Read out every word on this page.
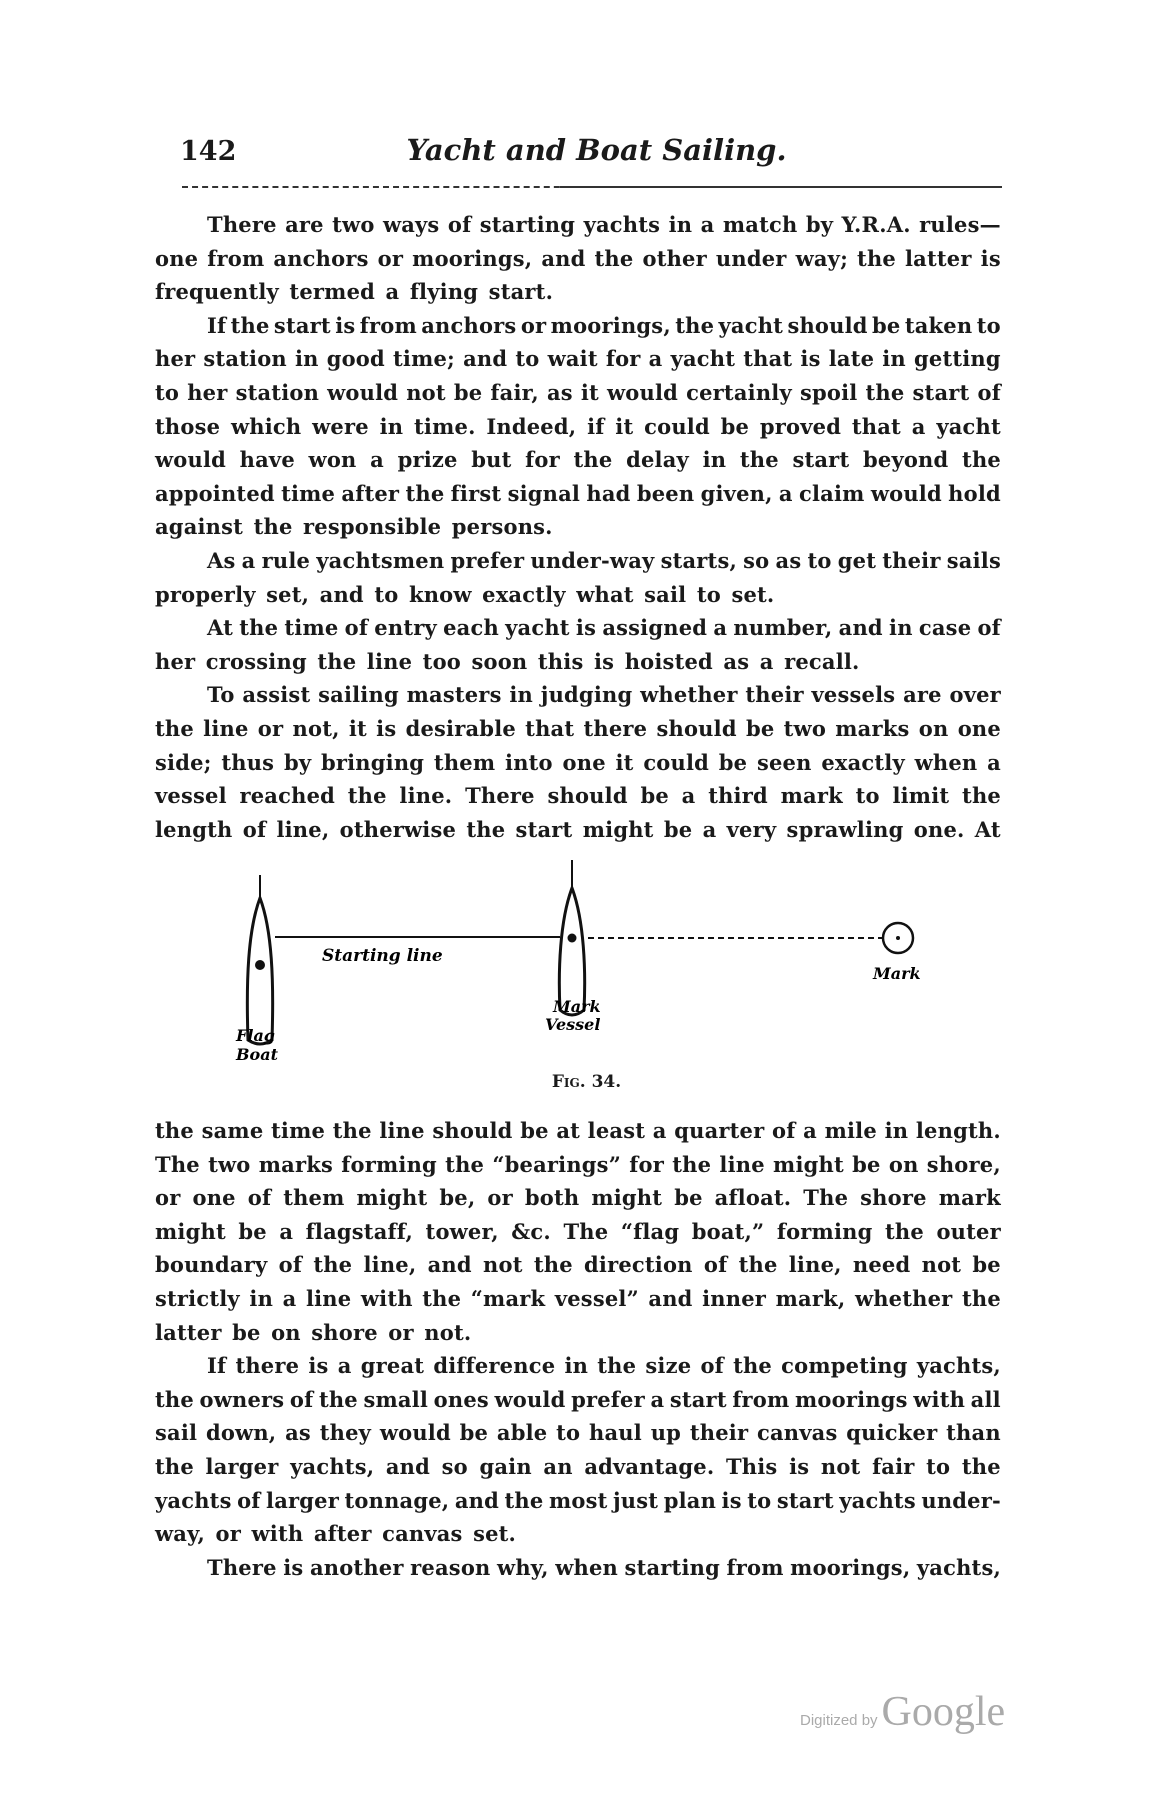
142	Yacht and Boat Sailing.
Starting line
Flag
Boat
Mark
Vessel
Mark
Fig. 34.
Digitized by Google
There are two ways of starting yachts in a match by Y.R.A. rules—
one from anchors or moorings, and the other under way; the latter is
frequently termed a flying start.
If the start is from anchors or moorings, the yacht should be taken to
her station in good time; and to wait for a yacht that is late in getting
to her station would not be fair, as it would certainly spoil the start of
those which were in time. Indeed, if it could be proved that a yacht
would have won a prize but for the delay in the start beyond the
appointed time after the first signal had been given, a claim would hold
against the responsible persons.
As a rule yachtsmen prefer under-way starts, so as to get their sails
properly set, and to know exactly what sail to set.
At the time of entry each yacht is assigned a number, and in case of
her crossing the line too soon this is hoisted as a recall.
To assist sailing masters in judging whether their vessels are over
the line or not, it is desirable that there should be two marks on one
side; thus by bringing them into one it could be seen exactly when a
vessel reached the line. There should be a third mark to limit the
length of line, otherwise the start might be a very sprawling one. At
the same time the line should be at least a quarter of a mile in length.
The two marks forming the “bearings” for the line might be on shore,
or one of them might be, or both might be afloat. The shore mark
might be a flagstaff, tower, &c. The “flag boat,” forming the outer
boundary of the line, and not the direction of the line, need not be
strictly in a line with the “mark vessel” and inner mark, whether the
latter be on shore or not.
If there is a great difference in the size of the competing yachts,
the owners of the small ones would prefer a start from moorings with all
sail down, as they would be able to haul up their canvas quicker than
the larger yachts, and so gain an advantage. This is not fair to the
yachts of larger tonnage, and the most just plan is to start yachts under-
way, or with after canvas set.
There is another reason why, when starting from moorings, yachts,
